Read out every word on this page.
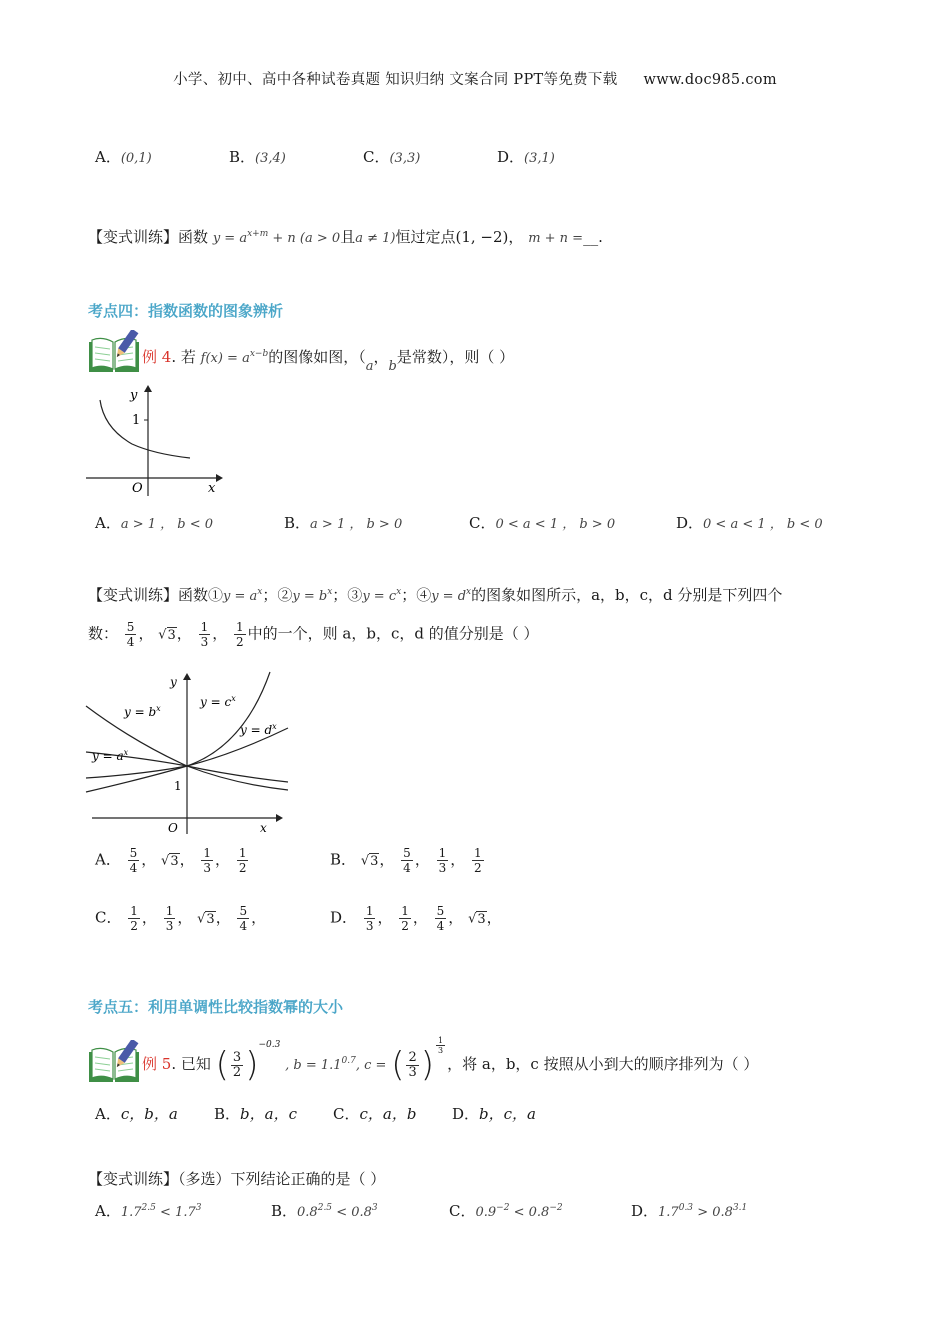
小学、初中、高中各种试卷真题 知识归纳 文案合同 PPT等免费下载 www.doc985.com
A．(0,1)	B．(3,4)	C．(3,3)	D．(3,1)
【变式训练】函数 $y = a^{x+m} + n$ (a > 0且a ≠ 1)恒过定点(1, −2)， m + n =__.
考点四：指数函数的图象辨析
例 4. 若 $f(x) = a^{x-b}$的图像如图，（a，b是常数），则（ ）
y
x
O
1
A．a > 1 ， b < 0	B．a > 1 ， b > 0	C．0 < a < 1 ， b > 0	D．0 < a < 1 ， b < 0
【变式训练】函数①y = $a^x$；②y = $b^x$；③y = $c^x$；④y = $d^x$的图象如图所示，a，b，c，d 分别是下列四个
数： $\frac{5}{4}$ ， √3， $\frac{1}{3}$ ， $\frac{1}{2}$ 中的一个，则 a，b，c，d 的值分别是（ ）
$y = b^x$	$y = c^x$
$y = d^x$
$y = a^x$
y
x
O
1
A． $\frac{5}{4}$ ， √3， $\frac{1}{3}$ ， $\frac{1}{2}$	B． √3， $\frac{5}{4}$ ， $\frac{1}{3}$ ， $\frac{1}{2}$
C． $\frac{1}{2}$ ， $\frac{1}{3}$ ， √3， $\frac{5}{4}$ ，	D． $\frac{1}{3}$ ， $\frac{1}{2}$ ， $\frac{5}{4}$ ， √3，
考点五：利用单调性比较指数幂的大小
例 5. 已知 ( $\frac{3}{2} )^{-0.3}$ , $b = 1.1^{0.7}$, c = ( $\frac{2}{3}$ ) $\frac{1}{3}$
，将 a，b，c 按照从小到大的顺序排列为（ ）
A．c，b，a B．b，a，c C．c，a，b D．b，c，a
【变式训练】（多选）下列结论正确的是（ ）
A．$1.7^{2.5} < 1.7^3$	B．$0.8^{2.5} < 0.8^3$	C．$0.9^{-2} < 0.8^{-2}$	D．$1.7^{0.3} > 0.8^{3.1}$
